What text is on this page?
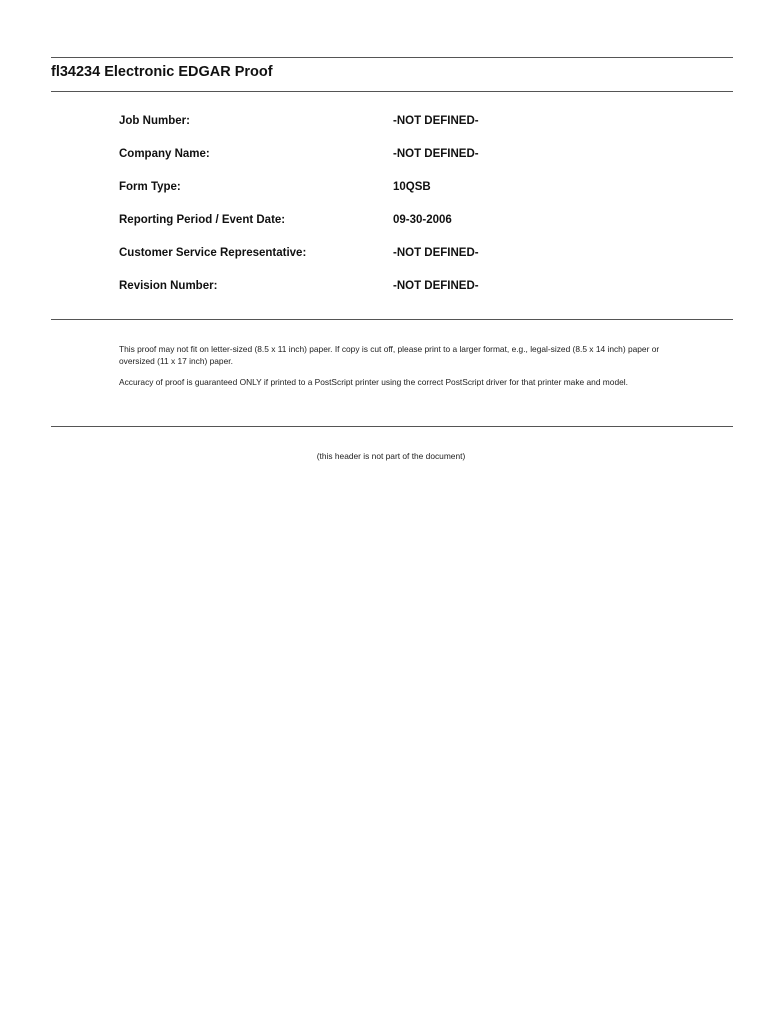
fl34234 Electronic EDGAR Proof
Job Number:	-NOT DEFINED-
Company Name:	-NOT DEFINED-
Form Type:	10QSB
Reporting Period / Event Date:	09-30-2006
Customer Service Representative:	-NOT DEFINED-
Revision Number:	-NOT DEFINED-

This proof may not fit on letter-sized (8.5 x 11 inch) paper. If copy is cut off, please print to a larger format, e.g., legal-sized (8.5 x 14 inch) paper or oversized (11 x 17 inch) paper.

Accuracy of proof is guaranteed ONLY if printed to a PostScript printer using the correct PostScript driver for that printer make and model.

(this header is not part of the document)
